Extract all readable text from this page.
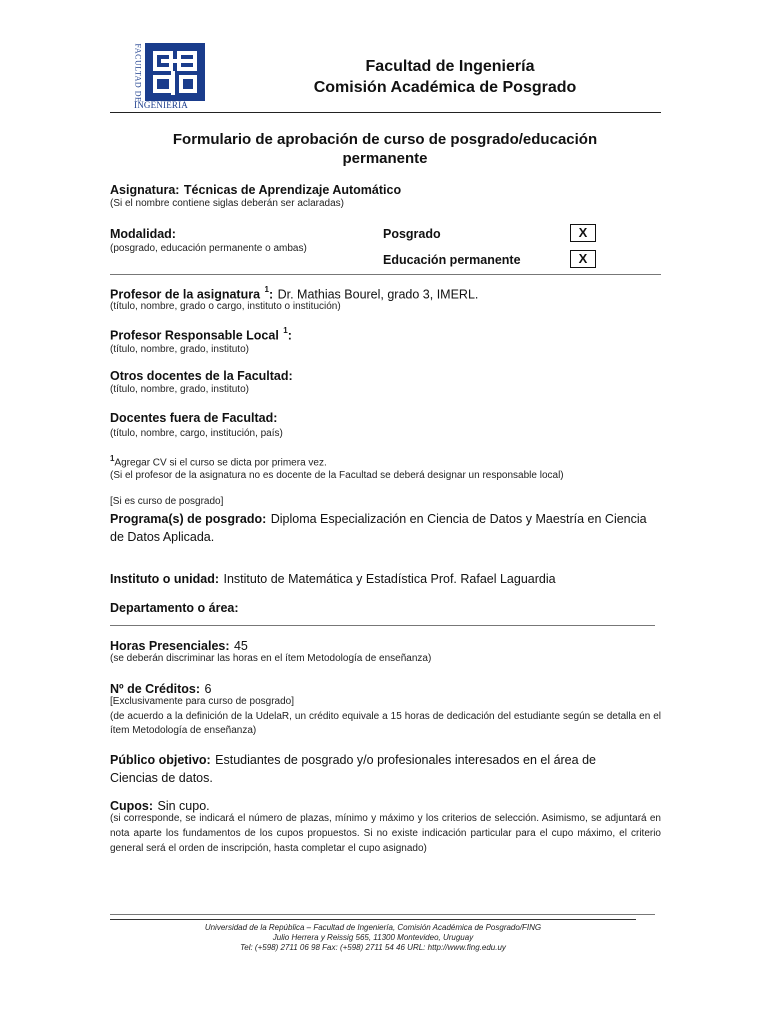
FACULTAD DE
INGENIERIA
Facultad de Ingeniería
Comisión Académica de Posgrado
Formulario de aprobación de curso de posgrado/educación permanente
Asignatura: Técnicas de Aprendizaje Automático
(Si el nombre contiene siglas deberán ser aclaradas)
Modalidad:
(posgrado, educación permanente o ambas)
Posgrado	X
Educación permanente	X
Profesor de la asignatura $^1$: Dr. Mathias Bourel, grado 3, IMERL.
(título, nombre, grado o cargo, instituto o institución)
Profesor Responsable Local $^1$:
(título, nombre, grado, instituto)
Otros docentes de la Facultad:
(título, nombre, grado, instituto)
Docentes fuera de Facultad:
(título, nombre, cargo, institución, país)
$^1$Agregar CV si el curso se dicta por primera vez.
(Si el profesor de la asignatura no es docente de la Facultad se deberá designar un responsable local)
[Si es curso de posgrado]
Programa(s) de posgrado: Diploma Especialización en Ciencia de Datos y Maestría en Ciencia de Datos Aplicada.
Instituto o unidad: Instituto de Matemática y Estadística Prof. Rafael Laguardia
Departamento o área:
Horas Presenciales: 45
(se deberán discriminar las horas en el ítem Metodología de enseñanza)
Nº de Créditos: 6
[Exclusivamente para curso de posgrado]
(de acuerdo a la definición de la UdelaR, un crédito equivale a 15 horas de dedicación del estudiante según se detalla en el ítem Metodología de enseñanza)
Público objetivo: Estudiantes de posgrado y/o profesionales interesados en el área de Ciencias de datos.
Cupos: Sin cupo.
(si corresponde, se indicará el número de plazas, mínimo y máximo y los criterios de selección. Asimismo, se adjuntará en nota aparte los fundamentos de los cupos propuestos. Si no existe indicación particular para el cupo máximo, el criterio general será el orden de inscripción, hasta completar el cupo asignado)
Universidad de la República – Facultad de Ingeniería, Comisión Académica de Posgrado/FING
Julio Herrera y Reissig 565, 11300 Montevideo, Uruguay
Tel: (+598) 2711 06 98 Fax: (+598) 2711 54 46 URL: http://www.fing.edu.uy
